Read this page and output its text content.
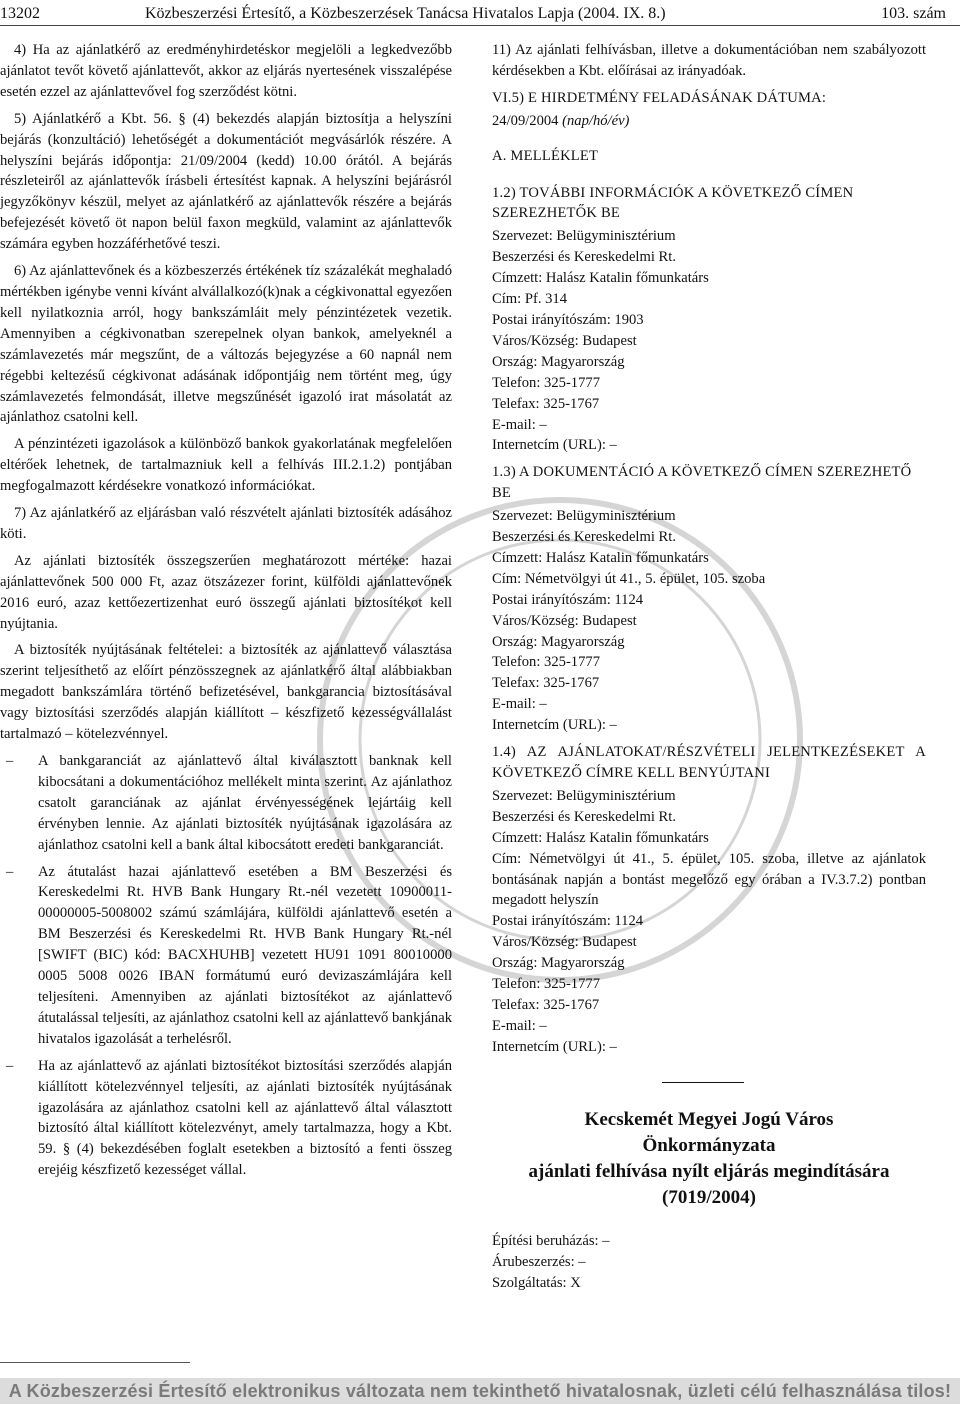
13202	Közbeszerzési Értesítő, a Közbeszerzések Tanácsa Hivatalos Lapja (2004. IX. 8.)	103. szám

4) Ha az ajánlatkérő az eredményhirdetéskor megjelöli a legkedvezőbb ajánlatot tevőt követő ajánlattevőt, akkor az eljárás nyertesének visszalépése esetén ezzel az ajánlattevővel fog szerződést kötni.

5) Ajánlatkérő a Kbt. 56. § (4) bekezdés alapján biztosítja a helyszíni bejárás (konzultáció) lehetőségét a dokumentációt megvásárlók részére. A helyszíni bejárás időpontja: 21/09/2004 (kedd) 10.00 órától. A bejárás részleteiről az ajánlattevők írásbeli értesítést kapnak. A helyszíni bejárásról jegyzőkönyv készül, melyet az ajánlatkérő az ajánlattevők részére a bejárás befejezését követő öt napon belül faxon megküld, valamint az ajánlattevők számára egyben hozzáférhetővé teszi.

6) Az ajánlattevőnek és a közbeszerzés értékének tíz százalékát meghaladó mértékben igénybe venni kívánt alvállalkozó(k)nak a cégkivonattal egyezően kell nyilatkoznia arról, hogy bankszámláit mely pénzintézetek vezetik. Amennyiben a cégkivonatban szerepelnek olyan bankok, amelyeknél a számlavezetés már megszűnt, de a változás bejegyzése a 60 napnál nem régebbi keltezésű cégkivonat adásának időpontjáig nem történt meg, úgy számlavezetés felmondását, illetve megszűnését igazoló irat másolatát az ajánlathoz csatolni kell.

A pénzintézeti igazolások a különböző bankok gyakorlatának megfelelően eltérőek lehetnek, de tartalmazniuk kell a felhívás III.2.1.2) pontjában megfogalmazott kérdésekre vonatkozó információkat.

7) Az ajánlatkérő az eljárásban való részvételt ajánlati biztosíték adásához köti.

Az ajánlati biztosíték összegszerűen meghatározott mértéke: hazai ajánlattevőnek 500 000 Ft, azaz ötszázezer forint, külföldi ajánlattevőnek 2016 euró, azaz kettőezertizenhat euró összegű ajánlati biztosítékot kell nyújtania.

A biztosíték nyújtásának feltételei: a biztosíték az ajánlattevő választása szerint teljesíthető az előírt pénzösszegnek az ajánlatkérő által alábbiakban megadott bankszámlára történő befizetésével, bankgarancia biztosításával vagy biztosítási szerződés alapján kiállított – készfizető kezességvállalást tartalmazó – kötelezvénnyel.

– A bankgaranciát az ajánlattevő által kiválasztott banknak kell kibocsátani a dokumentációhoz mellékelt minta szerint. Az ajánlathoz csatolt garanciának az ajánlat érvényességének lejártáig kell érvényben lennie. Az ajánlati biztosíték nyújtásának igazolására az ajánlathoz csatolni kell a bank által kibocsátott eredeti bankgaranciát.
– Az átutalást hazai ajánlattevő esetében a BM Beszerzési és Kereskedelmi Rt. HVB Bank Hungary Rt.-nél vezetett 10900011-00000005-5008002 számú számlájára, külföldi ajánlattevő esetén a BM Beszerzési és Kereskedelmi Rt. HVB Bank Hungary Rt.-nél [SWIFT (BIC) kód: BACXHUHB] vezetett HU91 1091 80010000 0005 5008 0026 IBAN formátumú euró devizaszámlájára kell teljesíteni. Amennyiben az ajánlati biztosítékot az ajánlattevő átutalással teljesíti, az ajánlathoz csatolni kell az ajánlattevő bankjának hivatalos igazolását a terhelésről.
– Ha az ajánlattevő az ajánlati biztosítékot biztosítási szerződés alapján kiállított kötelezvénnyel teljesíti, az ajánlati biztosíték nyújtásának igazolására az ajánlathoz csatolni kell az ajánlattevő által választott biztosító által kiállított kötelezvényt, amely tartalmazza, hogy a Kbt. 59. § (4) bekezdésében foglalt esetekben a biztosító a fenti összeg erejéig készfizető kezességet vállal.

11) Az ajánlati felhívásban, illetve a dokumentációban nem szabályozott kérdésekben a Kbt. előírásai az irányadóak.

VI.5) E HIRDETMÉNY FELADÁSÁNAK DÁTUMA:
24/09/2004 (nap/hó/év)
A. MELLÉKLET
1.2) TOVÁBBI INFORMÁCIÓK A KÖVETKEZŐ CÍMEN SZEREZHETŐK BE
Szervezet: Belügyminisztérium
Beszerzési és Kereskedelmi Rt.
Címzett: Halász Katalin főmunkatárs
Cím: Pf. 314
Postai irányítószám: 1903
Város/Község: Budapest
Ország: Magyarország
Telefon: 325-1777
Telefax: 325-1767
E-mail: –
Internetcím (URL): –
1.3) A DOKUMENTÁCIÓ A KÖVETKEZŐ CÍMEN SZEREZHETŐ BE
Szervezet: Belügyminisztérium
Beszerzési és Kereskedelmi Rt.
Címzett: Halász Katalin főmunkatárs
Cím: Németvölgyi út 41., 5. épület, 105. szoba
Postai irányítószám: 1124
Város/Község: Budapest
Ország: Magyarország
Telefon: 325-1777
Telefax: 325-1767
E-mail: –
Internetcím (URL): –
1.4) AZ AJÁNLATOKAT/RÉSZVÉTELI JELENTKEZÉSEKET A KÖVETKEZŐ CÍMRE KELL BENYÚJTANI
Szervezet: Belügyminisztérium
Beszerzési és Kereskedelmi Rt.
Címzett: Halász Katalin főmunkatárs
Cím: Németvölgyi út 41., 5. épület, 105. szoba, illetve az ajánlatok bontásának napján a bontást megelőző egy órában a IV.3.7.2) pontban megadott helyszín
Postai irányítószám: 1124
Város/Község: Budapest
Ország: Magyarország
Telefon: 325-1777
Telefax: 325-1767
E-mail: –
Internetcím (URL): –
Kecskemét Megyei Jogú Város
Önkormányzata
ajánlati felhívása nyílt eljárás megindítására
(7019/2004)
Építési beruházás: –
Árubeszerzés: –
Szolgáltatás: X
A Közbeszerzési Értesítő elektronikus változata nem tekinthető hivatalosnak, üzleti célú felhasználása tilos!
